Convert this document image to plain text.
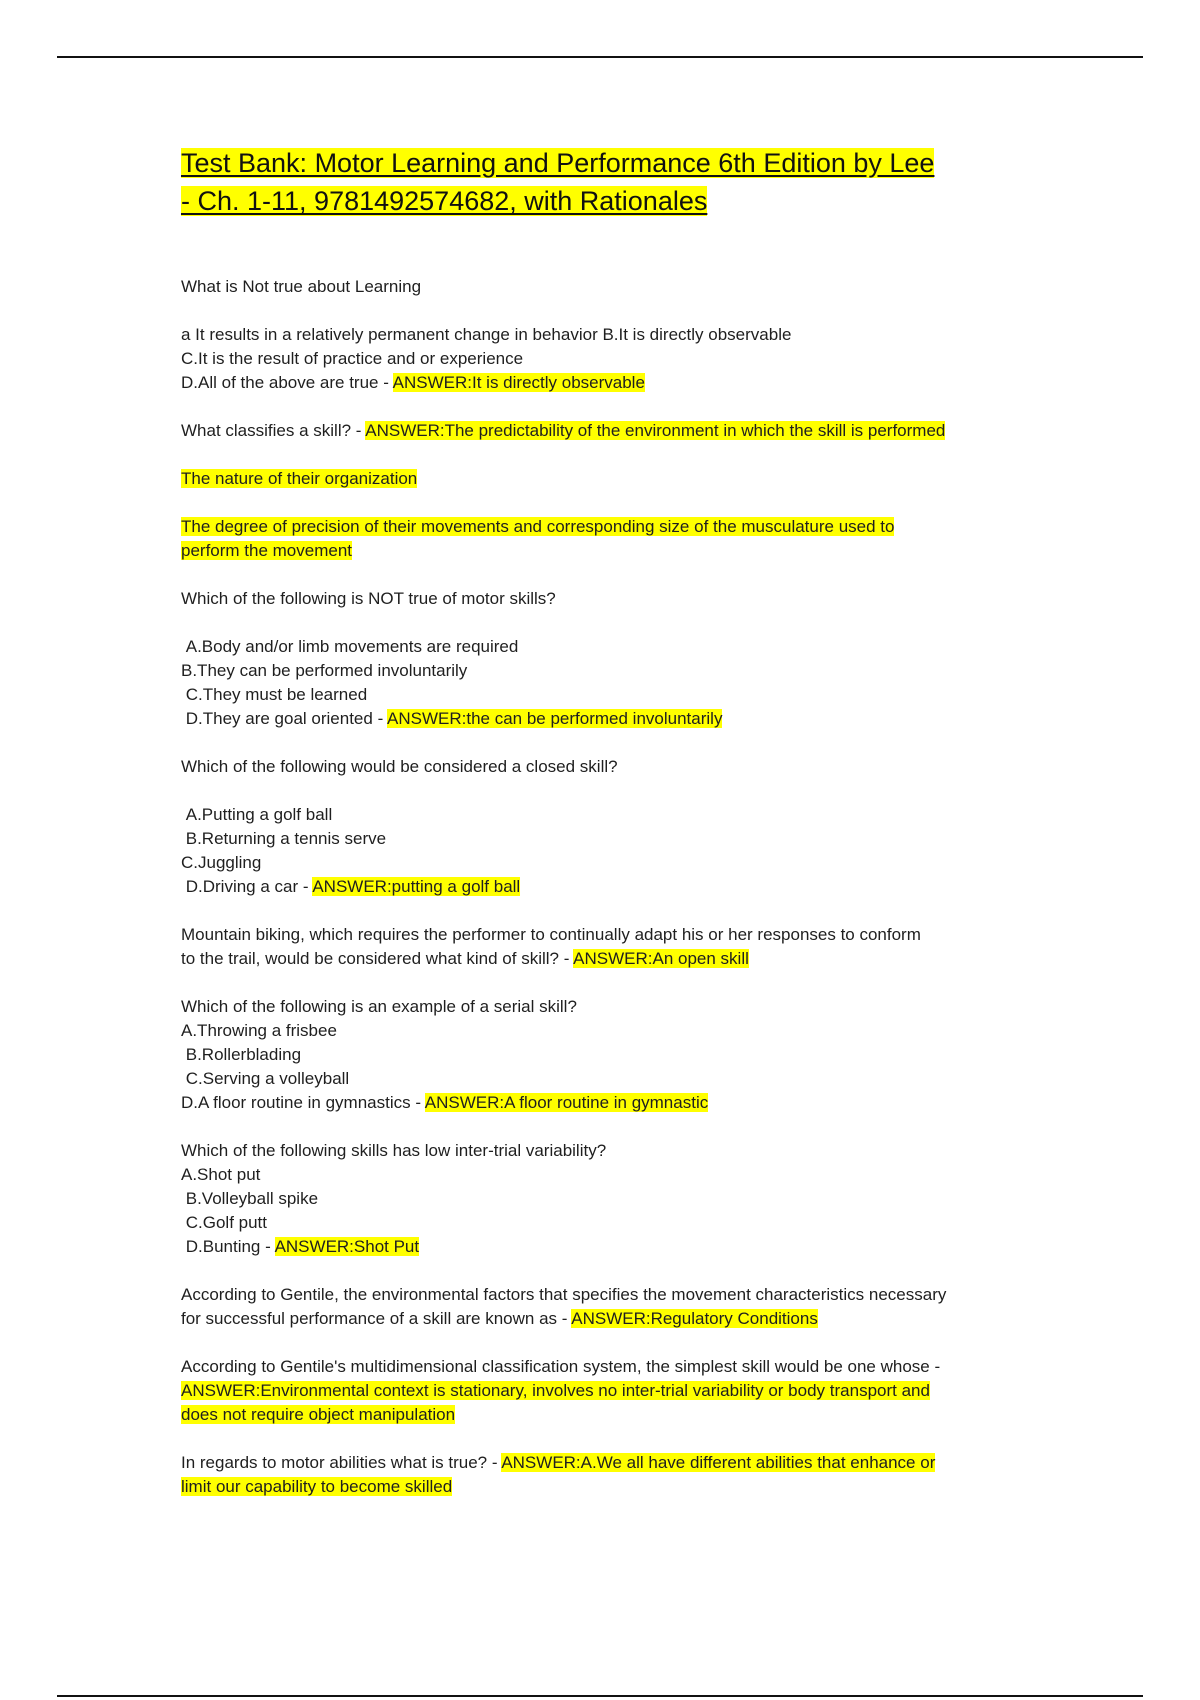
Test Bank: Motor Learning and Performance 6th Edition by Lee
- Ch. 1-11, 9781492574682, with Rationales
What is Not true about Learning
a It results in a relatively permanent change in behavior B.It is directly observable
C.It is the result of practice and or experience
D.All of the above are true - ANSWER:It is directly observable
What classifies a skill? - ANSWER:The predictability of the environment in which the skill is performed
The nature of their organization
The degree of precision of their movements and corresponding size of the musculature used to
perform the movement
Which of the following is NOT true of motor skills?
A.Body and/or limb movements are required
B.They can be performed involuntarily
C.They must be learned
D.They are goal oriented - ANSWER:the can be performed involuntarily
Which of the following would be considered a closed skill?
A.Putting a golf ball
B.Returning a tennis serve
C.Juggling
D.Driving a car - ANSWER:putting a golf ball
Mountain biking, which requires the performer to continually adapt his or her responses to conform
to the trail, would be considered what kind of skill? - ANSWER:An open skill
Which of the following is an example of a serial skill?
A.Throwing a frisbee
B.Rollerblading
C.Serving a volleyball
D.A floor routine in gymnastics - ANSWER:A floor routine in gymnastic
Which of the following skills has low inter-trial variability?
A.Shot put
B.Volleyball spike
C.Golf putt
D.Bunting - ANSWER:Shot Put
According to Gentile, the environmental factors that specifies the movement characteristics necessary
for successful performance of a skill are known as - ANSWER:Regulatory Conditions
According to Gentile's multidimensional classification system, the simplest skill would be one whose -
ANSWER:Environmental context is stationary, involves no inter-trial variability or body transport and
does not require object manipulation
In regards to motor abilities what is true? - ANSWER:A.We all have different abilities that enhance or
limit our capability to become skilled
